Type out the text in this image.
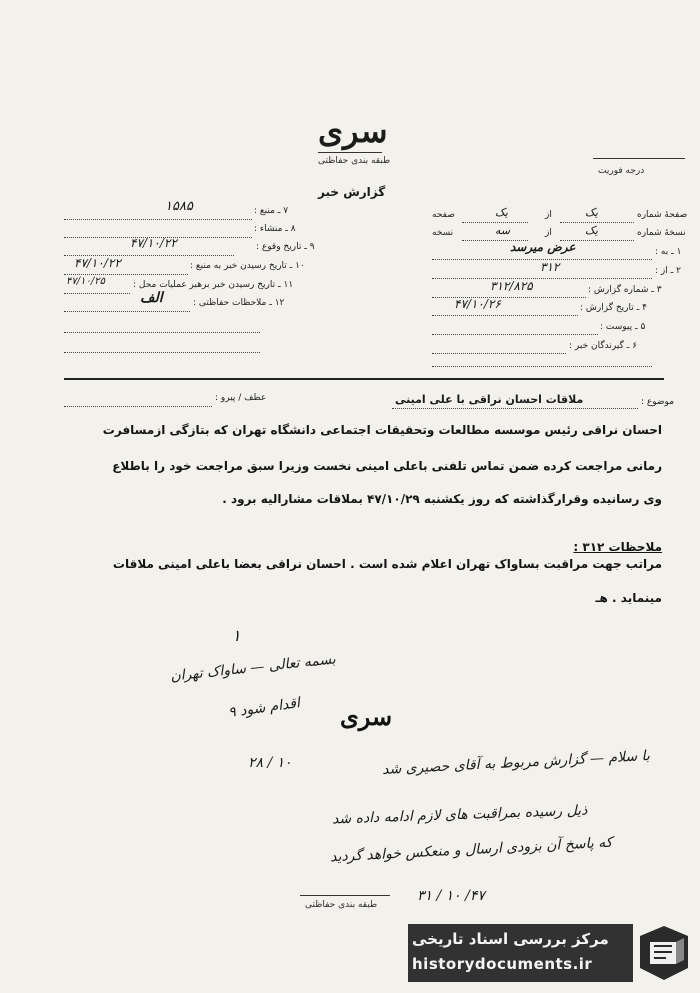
سری
طبقه بندی حفاظتی
درجه فوریت
گزارش خبر
۷ ـ منبع :
۱۵۸۵
۸ ـ منشاء :
۹ ـ تاریخ وقوع :
۴۷/۱۰/۲۲
۱۰ ـ تاریخ رسیدن خبر به منبع :
۴۷/۱۰/۲۲
۱۱ ـ تاریخ رسیدن خبر برهبر عملیات محل :
۴۷/۱۰/۲۵
۱۲ ـ ملاحظات حفاظتی :
الف
صفحهٔ شماره
یک
از
یک
صفحه
نسخهٔ شماره
یک
از
سه
نسخه
۱ ـ به :
عرض میرسد
۲ ـ از :
۳۱۲
۳ ـ شماره گزارش :
۳۱۲/۸۲۵
۴ ـ تاریخ گزارش :
۴۷/۱۰/۲۶
۵ ـ پیوست :
۶ ـ گیرندگان خبر :
موضوع :
ملاقات احسان نراقی با علی امینی
عطف / پیرو :
احسان نراقی رئیس موسسه مطالعات وتحقیقات اجتماعی دانشگاه تهران که بتازگی ازمسافرت
رمانی مراجعت کرده ضمن تماس تلفنی باعلی امینی نخست وزیرا سبق مراجعت خود را باطلاع
وی رسانیده وقرارگذاشته که روز یکشنبه ۴۷/۱۰/۲۹ بملاقات مشارالیه برود .
ملاحظات ۳۱۲ :
مراتب جهت مراقبت بساواک تهران اعلام شده است . احسان نراقی بعضا باعلی امینی ملاقات
مینماید . هـ
۱
بسمه تعالی — ساواک تهران
اقدام شود ۹
۲۸ / ۱۰
سری
با سلام — گزارش مربوط به آقای حصیری شد
ذیل رسیده بمراقبت های لازم ادامه داده شد
که پاسخ آن بزودی ارسال و منعکس خواهد گردید
۳۱ / ۱۰ /۴۷
طبقه بندی حفاظتی
مرکز بررسی اسناد تاریخی
historydocuments.ir
